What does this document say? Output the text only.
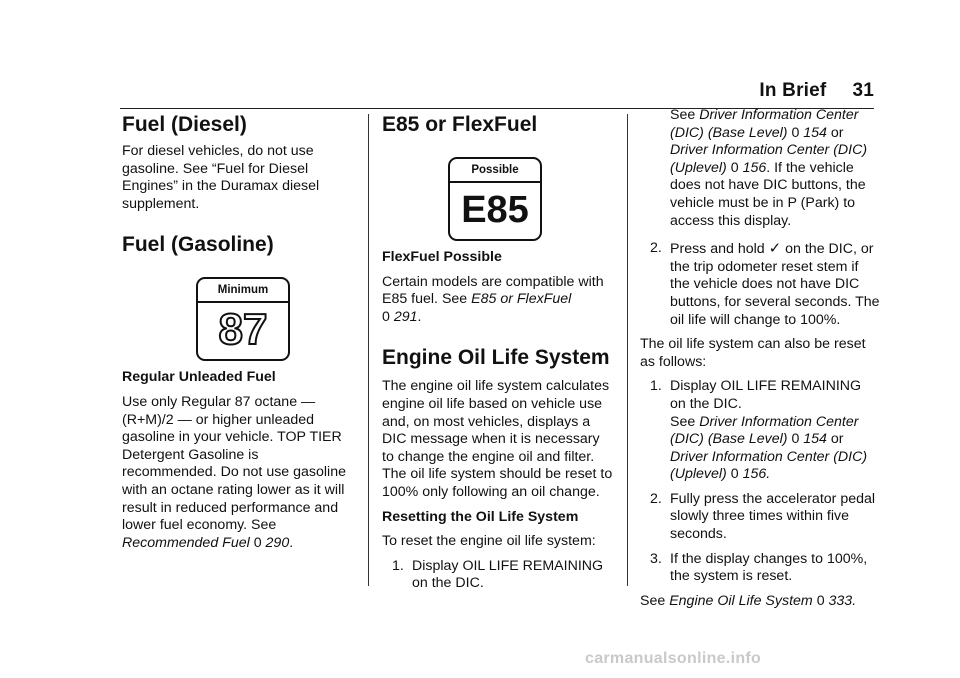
In Brief 31
Fuel (Diesel)

For diesel vehicles, do not use gasoline. See “Fuel for Diesel Engines” in the Duramax diesel supplement.

Fuel (Gasoline)
Minimum
87

Regular Unleaded Fuel

Use only Regular 87 octane — (R+M)/2 — or higher unleaded gasoline in your vehicle. TOP TIER Detergent Gasoline is recommended. Do not use gasoline with an octane rating lower as it will result in reduced performance and lower fuel economy. See
Recommended Fuel 0 290.

E85 or FlexFuel
Possible
E85

FlexFuel Possible

Certain models are compatible with E85 fuel. See E85 or FlexFuel
0 291.

Engine Oil Life System

The engine oil life system calculates engine oil life based on vehicle use and, on most vehicles, displays a DIC message when it is necessary to change the engine oil and filter. The oil life system should be reset to 100% only following an oil change.

Resetting the Oil Life System

To reset the engine oil life system:

1. Display OIL LIFE REMAINING on the DIC.
See Driver Information Center (DIC) (Base Level) 0 154 or Driver Information Center (DIC) (Uplevel) 0 156. If the vehicle does not have DIC buttons, the vehicle must be in P (Park) to access this display.
2. Press and hold ✓ on the DIC, or the trip odometer reset stem if the vehicle does not have DIC buttons, for several seconds. The oil life will change to 100%.

The oil life system can also be reset as follows:

1. Display OIL LIFE REMAINING on the DIC.
See Driver Information Center (DIC) (Base Level) 0 154 or Driver Information Center (DIC) (Uplevel) 0 156.
2. Fully press the accelerator pedal slowly three times within five seconds.
3. If the display changes to 100%, the system is reset.

See Engine Oil Life System 0 333.

carmanualsonline.info
